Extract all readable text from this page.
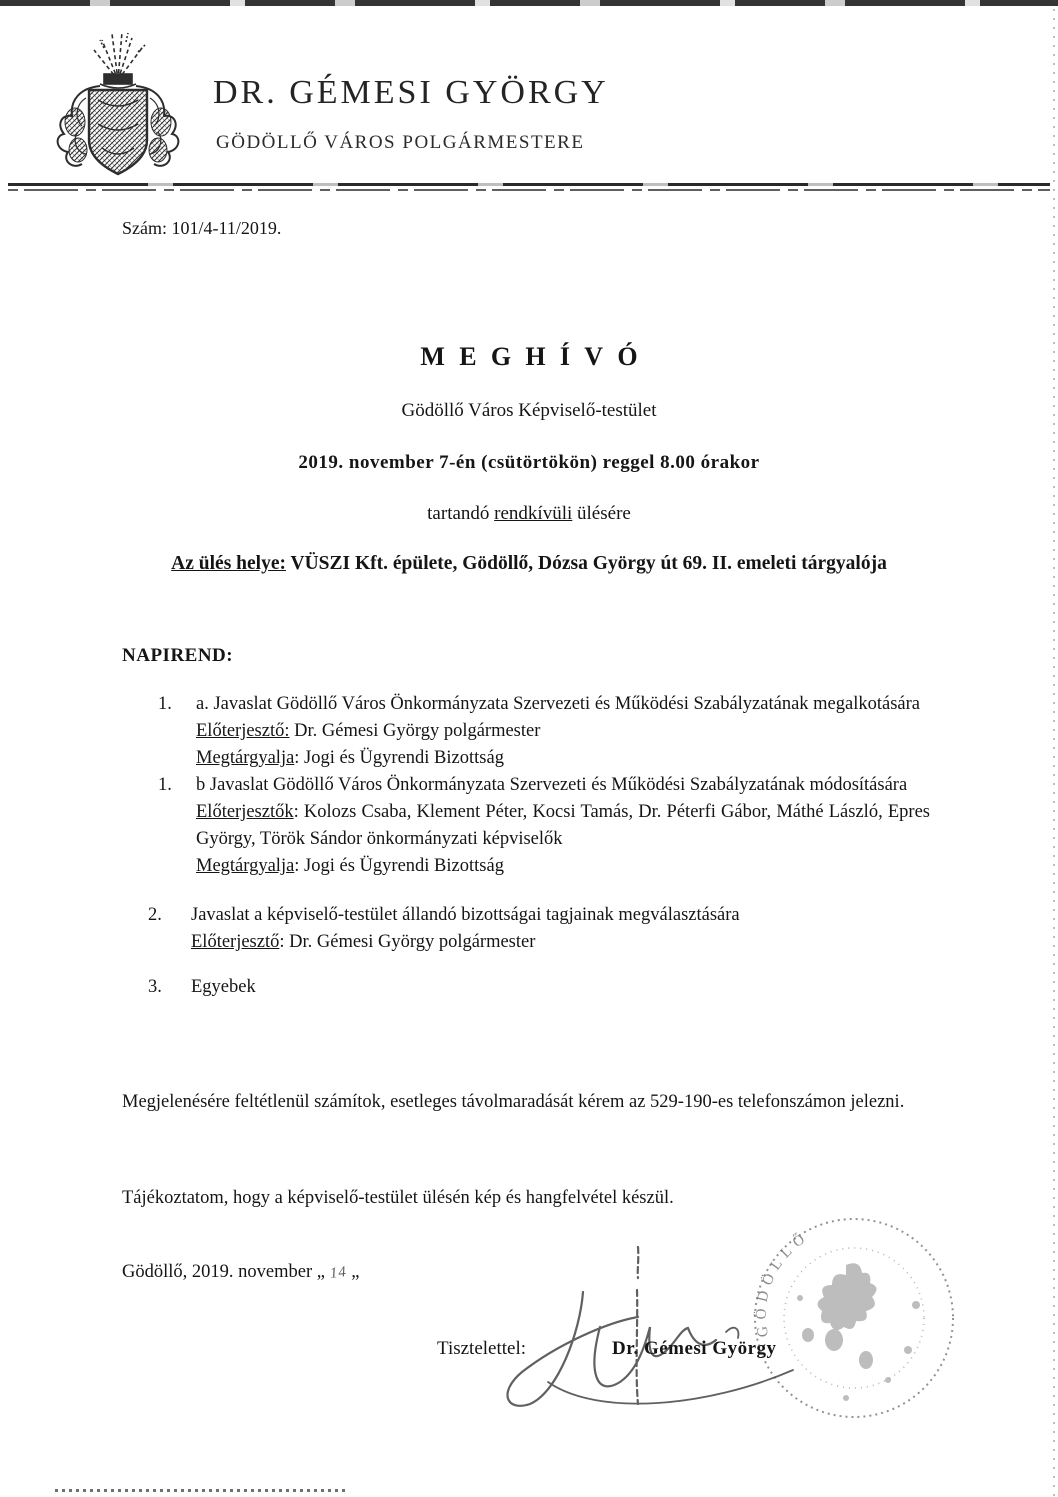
DR. GÉMESI GYÖRGY
GÖDÖLLŐ VÁROS POLGÁRMESTERE
Szám: 101/4-11/2019.
MEGHÍVÓ
Gödöllő Város Képviselő-testület
2019. november 7-én (csütörtökön) reggel 8.00 órakor
tartandó rendkívüli ülésére
Az ülés helye: VÜSZI Kft. épülete, Gödöllő, Dózsa György út 69. II. emeleti tárgyalója
NAPIREND:
1.	a. Javaslat Gödöllő Város Önkormányzata Szervezeti és Működési Szabályzatának megalkotására
Előterjesztő: Dr. Gémesi György polgármester
Megtárgyalja: Jogi és Ügyrendi Bizottság
1.	b Javaslat Gödöllő Város Önkormányzata Szervezeti és Működési Szabályzatának módosítására
Előterjesztők: Kolozs Csaba, Klement Péter, Kocsi Tamás, Dr. Péterfi Gábor, Máthé László, Epres György, Török Sándor önkormányzati képviselők
Megtárgyalja: Jogi és Ügyrendi Bizottság
2.	Javaslat a képviselő-testület állandó bizottságai tagjainak megválasztására
Előterjesztő: Dr. Gémesi György polgármester
3.	Egyebek
Megjelenésére feltétlenül számítok, esetleges távolmaradását kérem az 529-190-es telefonszámon jelezni.
Tájékoztatom, hogy a képviselő-testület ülésén kép és hangfelvétel készül.
Gödöllő, 2019. november „ 14 „
Tisztelettel:	Dr. Gémesi György
GÖDÖLLŐ
